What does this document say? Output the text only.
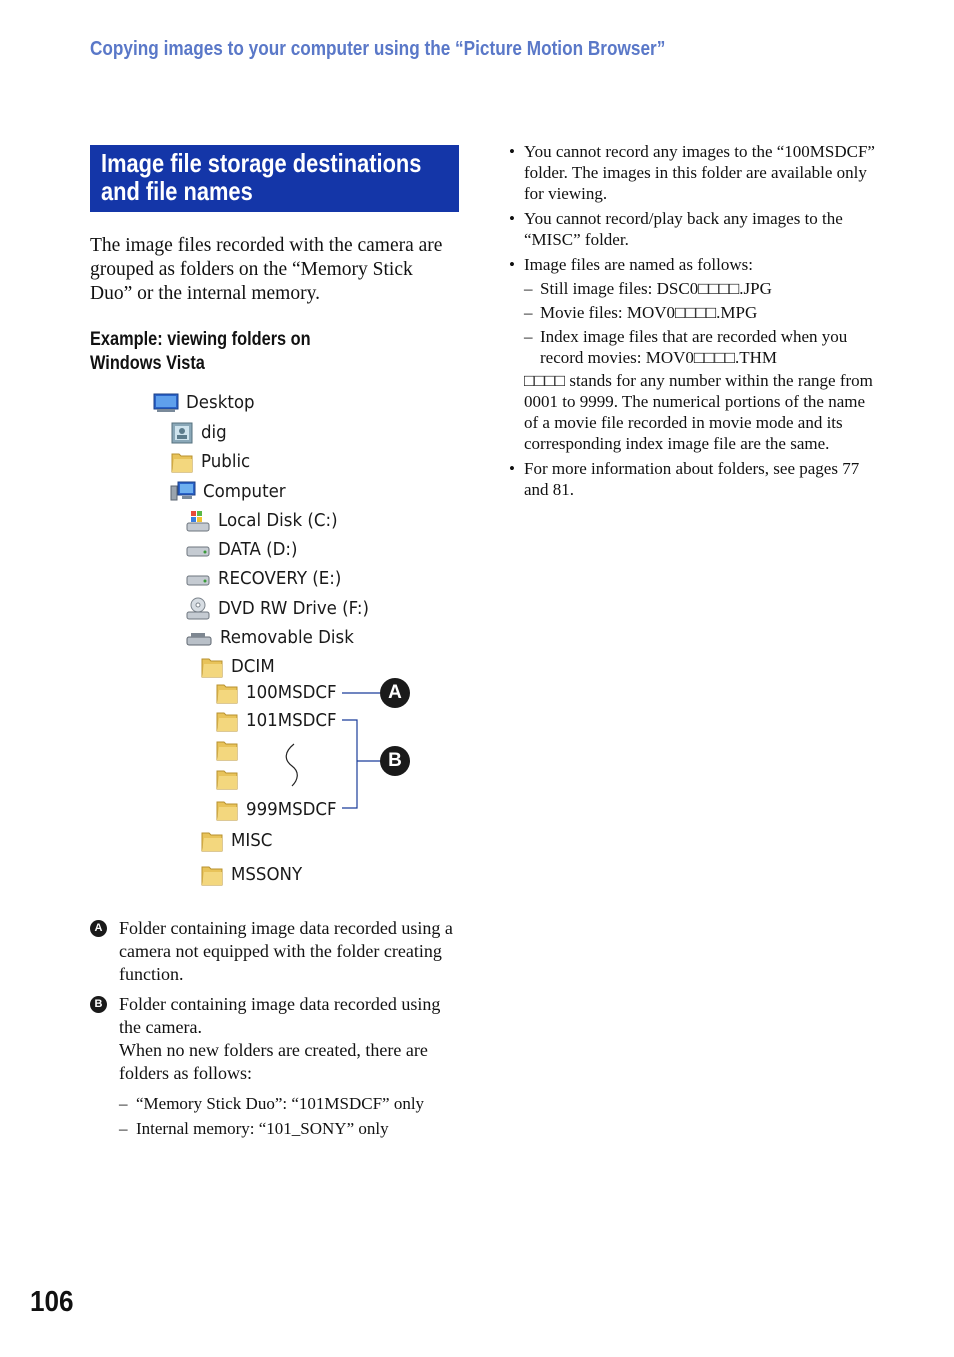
Copying images to your computer using the “Picture Motion Browser”
Image file storage destinations
and file names
The image files recorded with the camera are grouped as folders on the “Memory Stick Duo” or the internal memory.
Example: viewing folders on
Windows Vista
Desktop
dig
Public
Computer
Local Disk (C:)
DATA (D:)
RECOVERY (E:)
DVD RW Drive (F:)
Removable Disk
DCIM
100MSDCF
101MSDCF
999MSDCF
MISC
MSSONY
A
B
A Folder containing image data recorded using a camera not equipped with the folder creating function.
B Folder containing image data recorded using the camera.
When no new folders are created, there are folders as follows:
– “Memory Stick Duo”: “101MSDCF” only
– Internal memory: “101_SONY” only
• You cannot record any images to the “100MSDCF” folder. The images in this folder are available only for viewing.
• You cannot record/play back any images to the “MISC” folder.
• Image files are named as follows:
– Still image files: DSC0□□□□.JPG
– Movie files: MOV0□□□□.MPG
– Index image files that are recorded when you record movies: MOV0□□□□.THM
□□□□ stands for any number within the range from 0001 to 9999. The numerical portions of the name of a movie file recorded in movie mode and its corresponding index image file are the same.
• For more information about folders, see pages 77 and 81.
106
